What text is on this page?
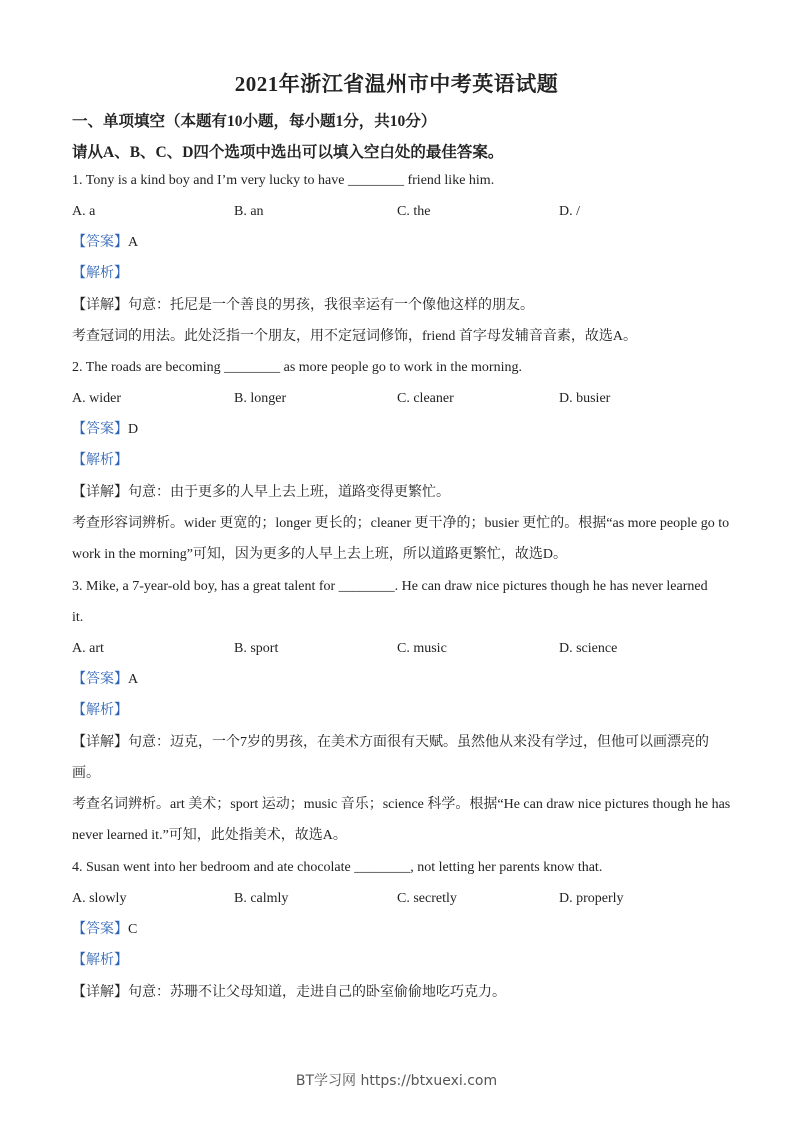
2021年浙江省温州市中考英语试题
一、单项填空（本题有10小题，每小题1分，共10分）
请从A、B、C、D四个选项中选出可以填入空白处的最佳答案。
1. Tony is a kind boy and I’m very lucky to have ________ friend like him.
A. a	B. an	C. the	D. /
【答案】A
【解析】
【详解】句意：托尼是一个善良的男孩，我很幸运有一个像他这样的朋友。
考查冠词的用法。此处泛指一个朋友，用不定冠词修饰，friend 首字母发辅音音素，故选A。
2. The roads are becoming ________ as more people go to work in the morning.
A. wider	B. longer	C. cleaner	D. busier
【答案】D
【解析】
【详解】句意：由于更多的人早上去上班，道路变得更繁忙。
考查形容词辨析。wider 更宽的；longer 更长的；cleaner 更干净的；busier 更忙的。根据“as more people go to
work in the morning”可知，因为更多的人早上去上班，所以道路更繁忙，故选D。
3. Mike, a 7-year-old boy, has a great talent for ________. He can draw nice pictures though he has never learned
it.
A. art	B. sport	C. music	D. science
【答案】A
【解析】
【详解】句意：迈克，一个7岁的男孩，在美术方面很有天赋。虽然他从来没有学过，但他可以画漂亮的
画。
考查名词辨析。art 美术；sport 运动；music 音乐；science 科学。根据“He can draw nice pictures though he has
never learned it.”可知，此处指美术，故选A。
4. Susan went into her bedroom and ate chocolate ________, not letting her parents know that.
A. slowly	B. calmly	C. secretly	D. properly
【答案】C
【解析】
【详解】句意：苏珊不让父母知道，走进自己的卧室偷偷地吃巧克力。
BT学习网 https://btxuexi.com
